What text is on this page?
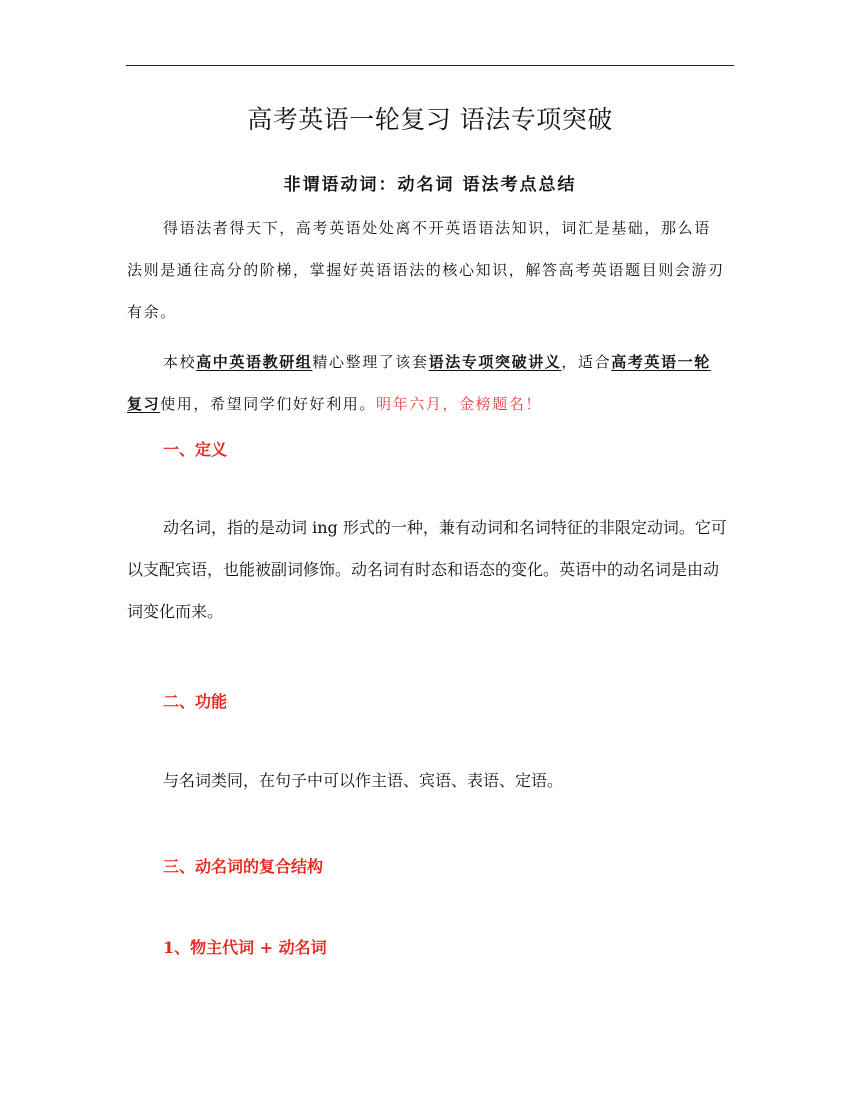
高考英语一轮复习 语法专项突破
非谓语动词：动名词 语法考点总结

得语法者得天下，高考英语处处离不开英语语法知识，词汇是基础，那么语法则是通往高分的阶梯，掌握好英语语法的核心知识，解答高考英语题目则会游刃有余。

本校高中英语教研组精心整理了该套语法专项突破讲义，适合高考英语一轮复习使用，希望同学们好好利用。明年六月，金榜题名！

一、定义

动名词，指的是动词 ing 形式的一种，兼有动词和名词特征的非限定动词。它可以支配宾语，也能被副词修饰。动名词有时态和语态的变化。英语中的动名词是由动词变化而来。

二、功能

与名词类同，在句子中可以作主语、宾语、表语、定语。

三、动名词的复合结构
1、物主代词 + 动名词
